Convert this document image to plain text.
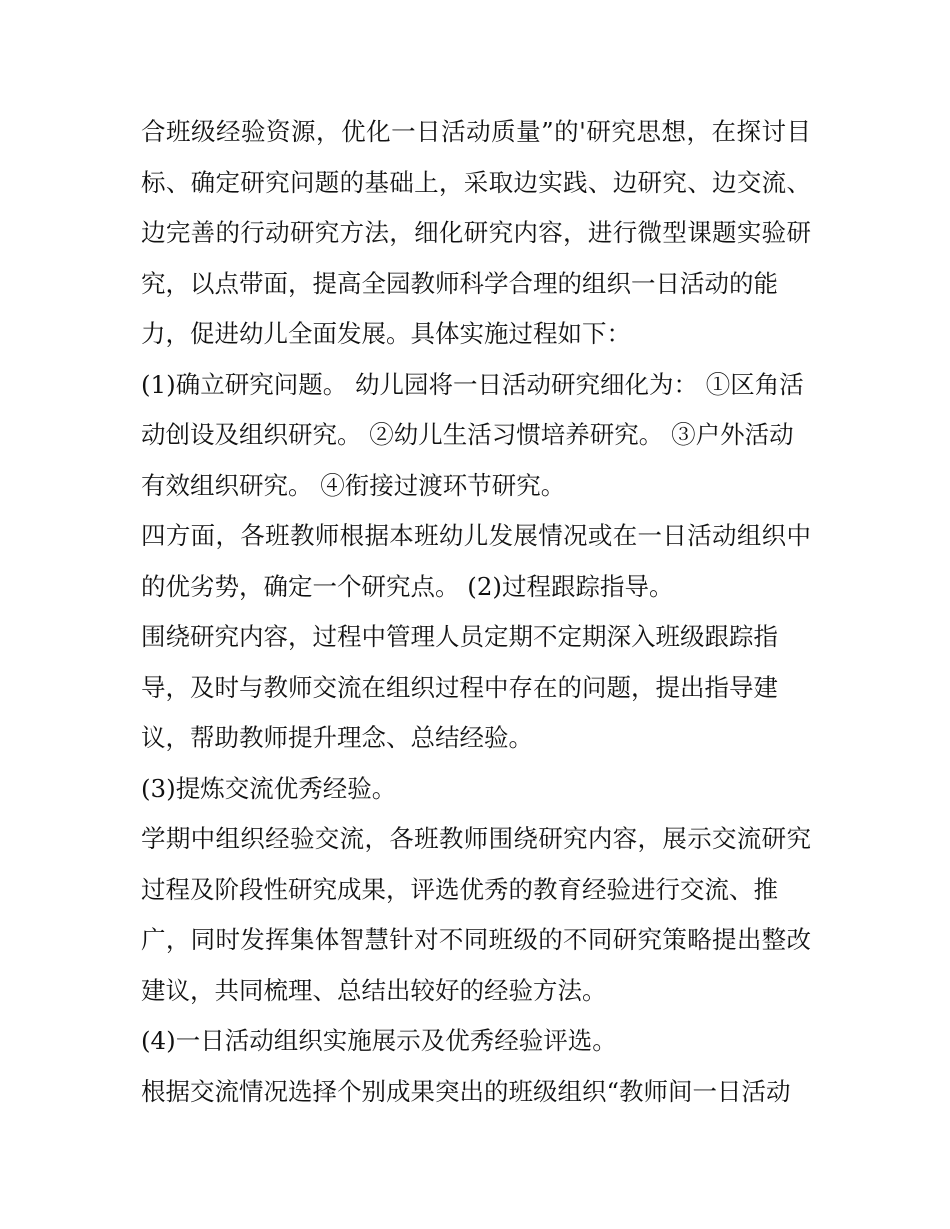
合班级经验资源，优化一日活动质量”的'研究思想，在探讨目
标、确定研究问题的基础上，采取边实践、边研究、边交流、
边完善的行动研究方法，细化研究内容，进行微型课题实验研
究，以点带面，提高全园教师科学合理的组织一日活动的能
力，促进幼儿全面发展。具体实施过程如下：
(1)确立研究问题。 幼儿园将一日活动研究细化为： ①区角活
动创设及组织研究。 ②幼儿生活习惯培养研究。 ③户外活动
有效组织研究。 ④衔接过渡环节研究。
四方面，各班教师根据本班幼儿发展情况或在一日活动组织中
的优劣势，确定一个研究点。 (2)过程跟踪指导。
围绕研究内容，过程中管理人员定期不定期深入班级跟踪指
导，及时与教师交流在组织过程中存在的问题，提出指导建
议，帮助教师提升理念、总结经验。
(3)提炼交流优秀经验。
学期中组织经验交流，各班教师围绕研究内容，展示交流研究
过程及阶段性研究成果，评选优秀的教育经验进行交流、推
广，同时发挥集体智慧针对不同班级的不同研究策略提出整改
建议，共同梳理、总结出较好的经验方法。
(4)一日活动组织实施展示及优秀经验评选。
根据交流情况选择个别成果突出的班级组织“教师间一日活动
